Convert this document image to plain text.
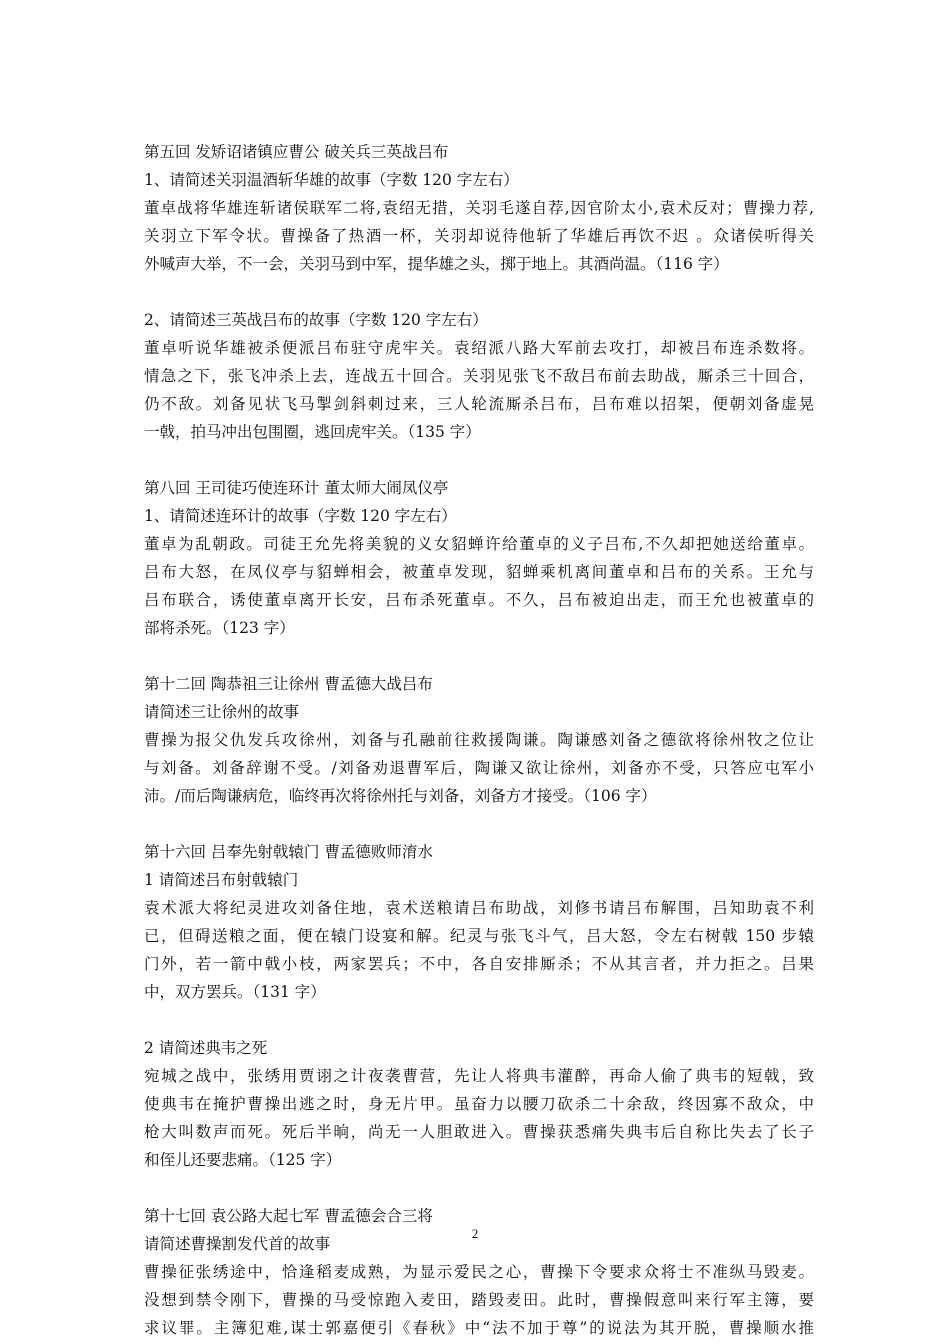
第五回 发矫诏诸镇应曹公 破关兵三英战吕布
1、请简述关羽温酒斩华雄的故事（字数 120 字左右）
董卓战将华雄连斩诸侯联军二将,袁绍无措，关羽毛遂自荐,因官阶太小,袁术反对；曹操力荐,
关羽立下军令状。曹操备了热酒一杯，关羽却说待他斩了华雄后再饮不迟 。众诸侯听得关
外喊声大举，不一会，关羽马到中军，提华雄之头，掷于地上。其酒尚温。（116 字）
2、请简述三英战吕布的故事（字数 120 字左右）
董卓听说华雄被杀便派吕布驻守虎牢关。袁绍派八路大军前去攻打，却被吕布连杀数将。
情急之下，张飞冲杀上去，连战五十回合。关羽见张飞不敌吕布前去助战，厮杀三十回合，
仍不敌。刘备见状飞马掣剑斜刺过来，三人轮流厮杀吕布，吕布难以招架，便朝刘备虚晃
一戟，拍马冲出包围圈，逃回虎牢关。（135 字）
第八回 王司徒巧使连环计 董太师大闹凤仪亭
1、请简述连环计的故事（字数 120 字左右）
董卓为乱朝政。司徒王允先将美貌的义女貂蝉许给董卓的义子吕布,不久却把她送给董卓。
吕布大怒，在凤仪亭与貂蝉相会，被董卓发现，貂蝉乘机离间董卓和吕布的关系。王允与
吕布联合，诱使董卓离开长安，吕布杀死董卓。不久，吕布被迫出走，而王允也被董卓的
部将杀死。（123 字）
第十二回 陶恭祖三让徐州 曹孟德大战吕布
请简述三让徐州的故事
曹操为报父仇发兵攻徐州，刘备与孔融前往救援陶谦。陶谦感刘备之德欲将徐州牧之位让
与刘备。刘备辞谢不受。/刘备劝退曹军后，陶谦又欲让徐州，刘备亦不受，只答应屯军小
沛。/而后陶谦病危，临终再次将徐州托与刘备，刘备方才接受。（106 字）
第十六回 吕奉先射戟辕门 曹孟德败师淯水
1 请简述吕布射戟辕门
袁术派大将纪灵进攻刘备住地，袁术送粮请吕布助战，刘修书请吕布解围，吕知助袁不利
已，但碍送粮之面，便在辕门设宴和解。纪灵与张飞斗气，吕大怒，令左右树戟 150 步辕
门外，若一箭中戟小枝，两家罢兵；不中，各自安排厮杀；不从其言者，并力拒之。吕果
中，双方罢兵。（131 字）
2 请简述典韦之死
宛城之战中，张绣用贾诩之计夜袭曹营，先让人将典韦灌醉，再命人偷了典韦的短戟，致
使典韦在掩护曹操出逃之时，身无片甲。虽奋力以腰刀砍杀二十余敌，终因寡不敌众，中
枪大叫数声而死。死后半晌，尚无一人胆敢进入。曹操获悉痛失典韦后自称比失去了长子
和侄儿还要悲痛。（125 字）
第十七回 袁公路大起七军 曹孟德会合三将
请简述曹操割发代首的故事
曹操征张绣途中，恰逢稻麦成熟，为显示爱民之心，曹操下令要求众将士不准纵马毁麦。
没想到禁令刚下，曹操的马受惊跑入麦田，踏毁麦田。此时，曹操假意叫来行军主簿，要
求议罪。主簿犯难,谋士郭嘉便引《春秋》中“法不加于尊”的说法为其开脱，曹操顺水推
2
